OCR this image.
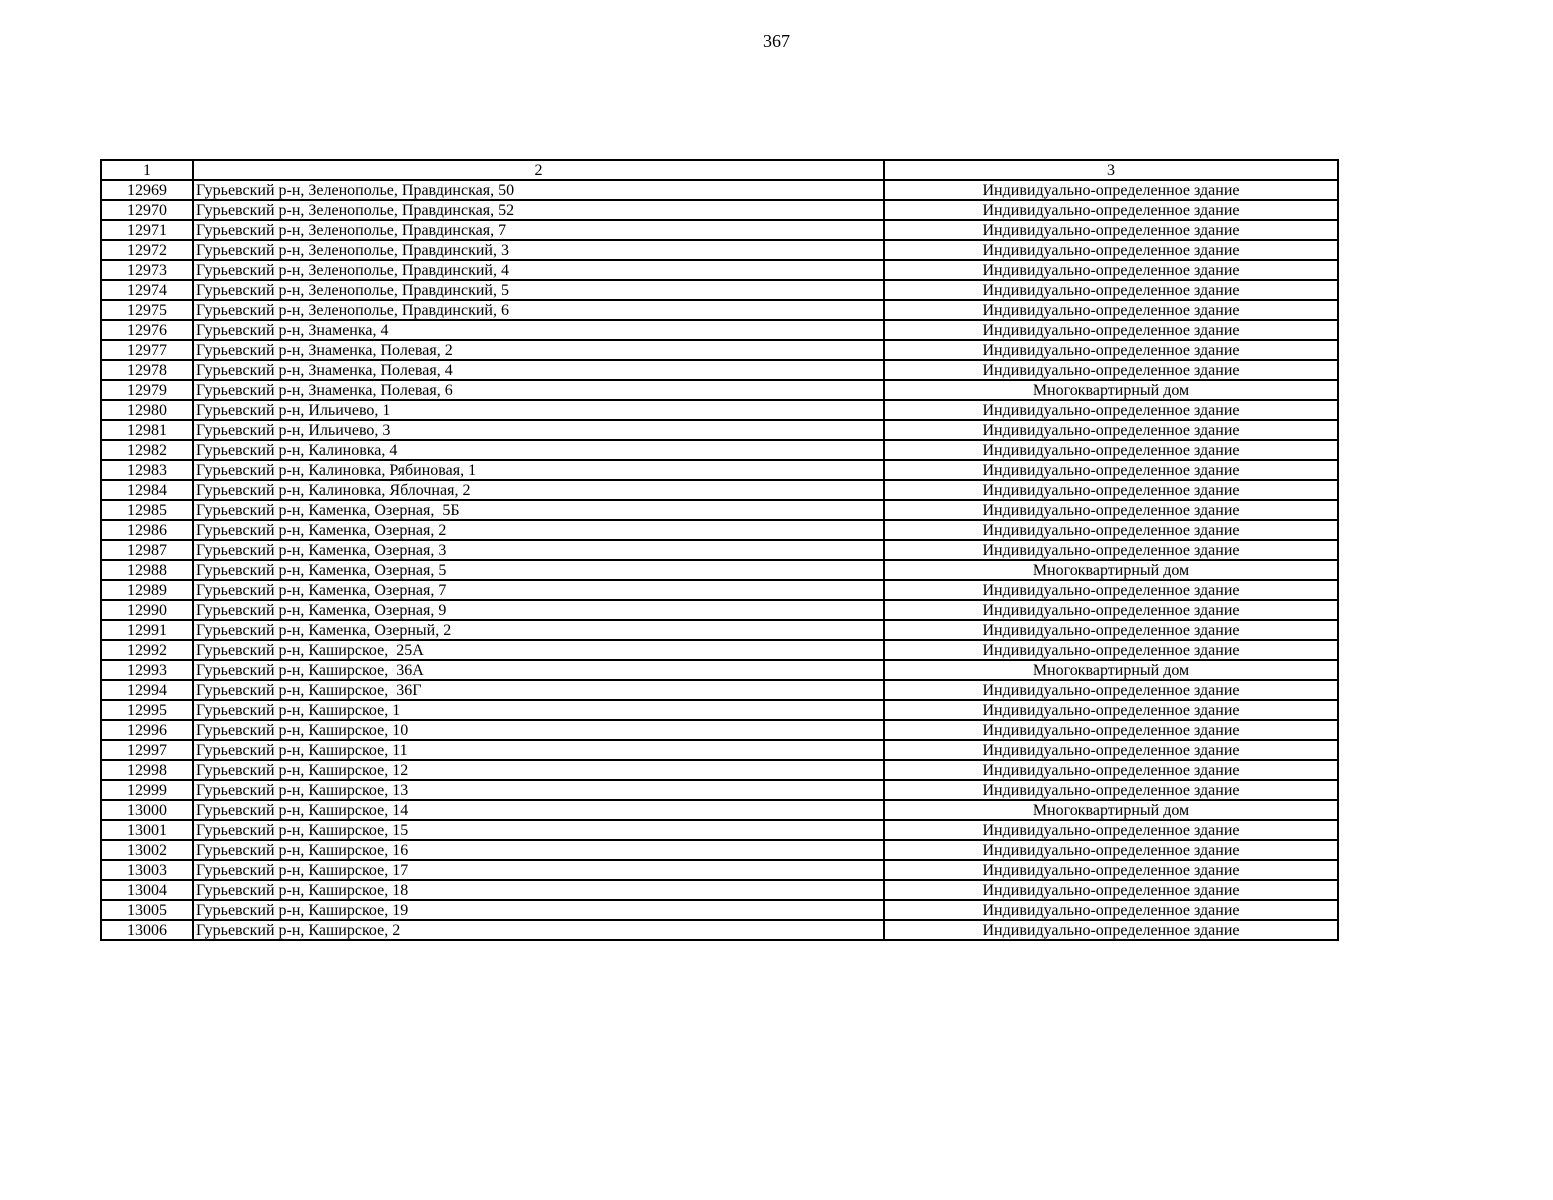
367
1	2	3
12969	Гурьевский р-н, Зеленополье, Правдинская, 50	Индивидуально-определенное здание
12970	Гурьевский р-н, Зеленополье, Правдинская, 52	Индивидуально-определенное здание
12971	Гурьевский р-н, Зеленополье, Правдинская, 7	Индивидуально-определенное здание
12972	Гурьевский р-н, Зеленополье, Правдинский, 3	Индивидуально-определенное здание
12973	Гурьевский р-н, Зеленополье, Правдинский, 4	Индивидуально-определенное здание
12974	Гурьевский р-н, Зеленополье, Правдинский, 5	Индивидуально-определенное здание
12975	Гурьевский р-н, Зеленополье, Правдинский, 6	Индивидуально-определенное здание
12976	Гурьевский р-н, Знаменка, 4	Индивидуально-определенное здание
12977	Гурьевский р-н, Знаменка, Полевая, 2	Индивидуально-определенное здание
12978	Гурьевский р-н, Знаменка, Полевая, 4	Индивидуально-определенное здание
12979	Гурьевский р-н, Знаменка, Полевая, 6	Многоквартирный дом
12980	Гурьевский р-н, Ильичево, 1	Индивидуально-определенное здание
12981	Гурьевский р-н, Ильичево, 3	Индивидуально-определенное здание
12982	Гурьевский р-н, Калиновка, 4	Индивидуально-определенное здание
12983	Гурьевский р-н, Калиновка, Рябиновая, 1	Индивидуально-определенное здание
12984	Гурьевский р-н, Калиновка, Яблочная, 2	Индивидуально-определенное здание
12985	Гурьевский р-н, Каменка, Озерная,  5Б	Индивидуально-определенное здание
12986	Гурьевский р-н, Каменка, Озерная, 2	Индивидуально-определенное здание
12987	Гурьевский р-н, Каменка, Озерная, 3	Индивидуально-определенное здание
12988	Гурьевский р-н, Каменка, Озерная, 5	Многоквартирный дом
12989	Гурьевский р-н, Каменка, Озерная, 7	Индивидуально-определенное здание
12990	Гурьевский р-н, Каменка, Озерная, 9	Индивидуально-определенное здание
12991	Гурьевский р-н, Каменка, Озерный, 2	Индивидуально-определенное здание
12992	Гурьевский р-н, Каширское,  25А	Индивидуально-определенное здание
12993	Гурьевский р-н, Каширское,  36А	Многоквартирный дом
12994	Гурьевский р-н, Каширское,  36Г	Индивидуально-определенное здание
12995	Гурьевский р-н, Каширское, 1	Индивидуально-определенное здание
12996	Гурьевский р-н, Каширское, 10	Индивидуально-определенное здание
12997	Гурьевский р-н, Каширское, 11	Индивидуально-определенное здание
12998	Гурьевский р-н, Каширское, 12	Индивидуально-определенное здание
12999	Гурьевский р-н, Каширское, 13	Индивидуально-определенное здание
13000	Гурьевский р-н, Каширское, 14	Многоквартирный дом
13001	Гурьевский р-н, Каширское, 15	Индивидуально-определенное здание
13002	Гурьевский р-н, Каширское, 16	Индивидуально-определенное здание
13003	Гурьевский р-н, Каширское, 17	Индивидуально-определенное здание
13004	Гурьевский р-н, Каширское, 18	Индивидуально-определенное здание
13005	Гурьевский р-н, Каширское, 19	Индивидуально-определенное здание
13006	Гурьевский р-н, Каширское, 2	Индивидуально-определенное здание
